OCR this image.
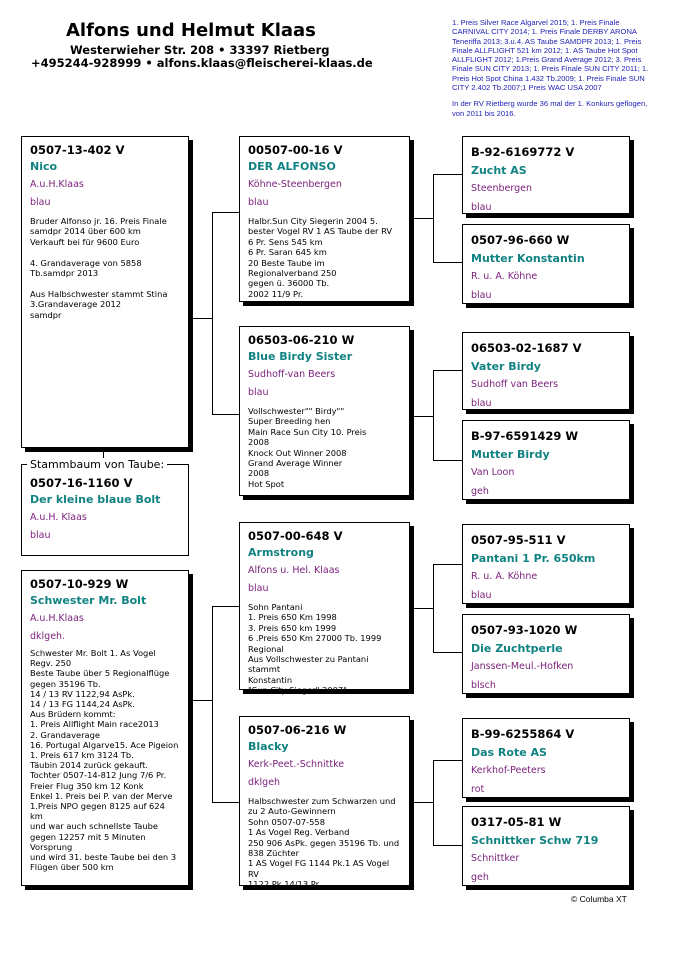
Alfons und Helmut Klaas
Westerwieher Str. 208 • 33397 Rietberg
+495244-928999 • alfons.klaas@fleischerei-klaas.de

1. Preis Silver Race Algarvel 2015; 1. Preis Finale CARNIVAL CITY 2014; 1. Preis Finale DERBY ARONA Teneriffa 2013; 3.u.4. AS Taube SAMDPR 2013; 1. Preis Finale ALLFLIGHT 521 km 2012; 1. AS Taube Hot Spot ALLFLIGHT 2012; 1.Preis Grand Average 2012; 3. Preis Finale SUN CITY 2013; 1. Preis Finale SUN CITY 2011; 1. Preis Hot Spot China 1.432 Tb.2009; 1. Preis Finale SUN CITY 2.402 Tb.2007;1 Preis WAC USA 2007

In der RV Rietberg wurde 36 mal der 1. Konkurs geflogen, von 2011 bis 2016.

0507-13-402 V
Nico
A.u.H.Klaas
blau
Bruder Alfonso jr. 16. Preis Finale
samdpr 2014 über 600 km
Verkauft bei für 9600 Euro

4. Grandaverage von 5858
Tb.samdpr 2013

Aus Halbschwester stammt Stina
3.Grandaverage 2012
samdpr
Stammbaum von Taube:
0507-16-1160 V
Der kleine blaue Bolt
A.u.H. Klaas
blau
0507-10-929 W
Schwester Mr. Bolt
A.u.H.Klaas
dklgeh.
Schwester Mr. Bolt 1. As Vogel
Regv. 250
Beste Taube über 5 Regionalflüge
gegen 35196 Tb.
14 / 13 RV 1122,94 AsPk.
14 / 13 FG 1144,24 AsPk.
Aus Brüdern kommt:
1. Preis Allflight Main race2013
2. Grandaverage
16. Portugal Algarve15. Ace Pigeion
1. Preis 617 km 3124 Tb.
Täubin 2014 zurück gekauft.
Tochter 0507-14-812 Jung 7/6 Pr.
Freier Flug 350 km 12 Konk
Enkel 1. Preis bei P. van der Merve
1.Preis NPO gegen 8125 auf 624 km
und war auch schnellste Taube
gegen 12257 mit 5 Minuten
Vorsprung
und wird 31. beste Taube bei den 3
Flügen über 500 km
00507-00-16 V
DER ALFONSO
Köhne-Steenbergen
blau
Halbr.Sun City Siegerin 2004 5.
bester Vogel RV 1 AS Taube der RV
6 Pr. Sens 545 km
6 Pr. Saran 645 km
20 Beste Taube im
Regionalverband 250
gegen ü. 36000 Tb.
2002 11/9 Pr.
06503-06-210 W
Blue Birdy Sister
Sudhoff-van Beers
blau
Vollschwester"" Birdy""
Super Breeding hen
Main Race Sun City 10. Preis
2008
Knock Out Winner 2008
Grand Average Winner
2008
Hot Spot
0507-00-648 V
Armstrong
Alfons u. Hel. Klaas
blau
Sohn Pantani
1. Preis 650 Km 1998
3. Preis 650 km 1999
6 .Preis 650 Km 27000 Tb. 1999
Regional
Aus Vollschwester zu Pantani stammt
Konstantin
"Sun City Sieger" 2007"
0507-06-216 W
Blacky
Kerk-Peet.-Schnittke
dklgeh
Halbschwester zum Schwarzen und
zu 2 Auto-Gewinnern
Sohn 0507-07-558
1 As Vogel Reg. Verband
250 906 AsPk. gegen 35196 Tb. und
838 Züchter
1 AS Vogel FG 1144 Pk.1 AS Vogel RV
1122 Pk.14/13 Pr.
B-92-6169772 V
Zucht AS
Steenbergen
blau
0507-96-660 W
Mutter Konstantin
R. u. A. Köhne
blau
06503-02-1687 V
Vater Birdy
Sudhoff van Beers
blau
B-97-6591429 W
Mutter Birdy
Van Loon
geh
0507-95-511 V
Pantani 1 Pr. 650km
R. u. A. Köhne
blau
0507-93-1020 W
Die Zuchtperle
Janssen-Meul.-Hofken
blsch
B-99-6255864 V
Das Rote AS
Kerkhof-Peeters
rot
0317-05-81 W
Schnittker Schw 719
Schnittker
geh
© Columba XT
